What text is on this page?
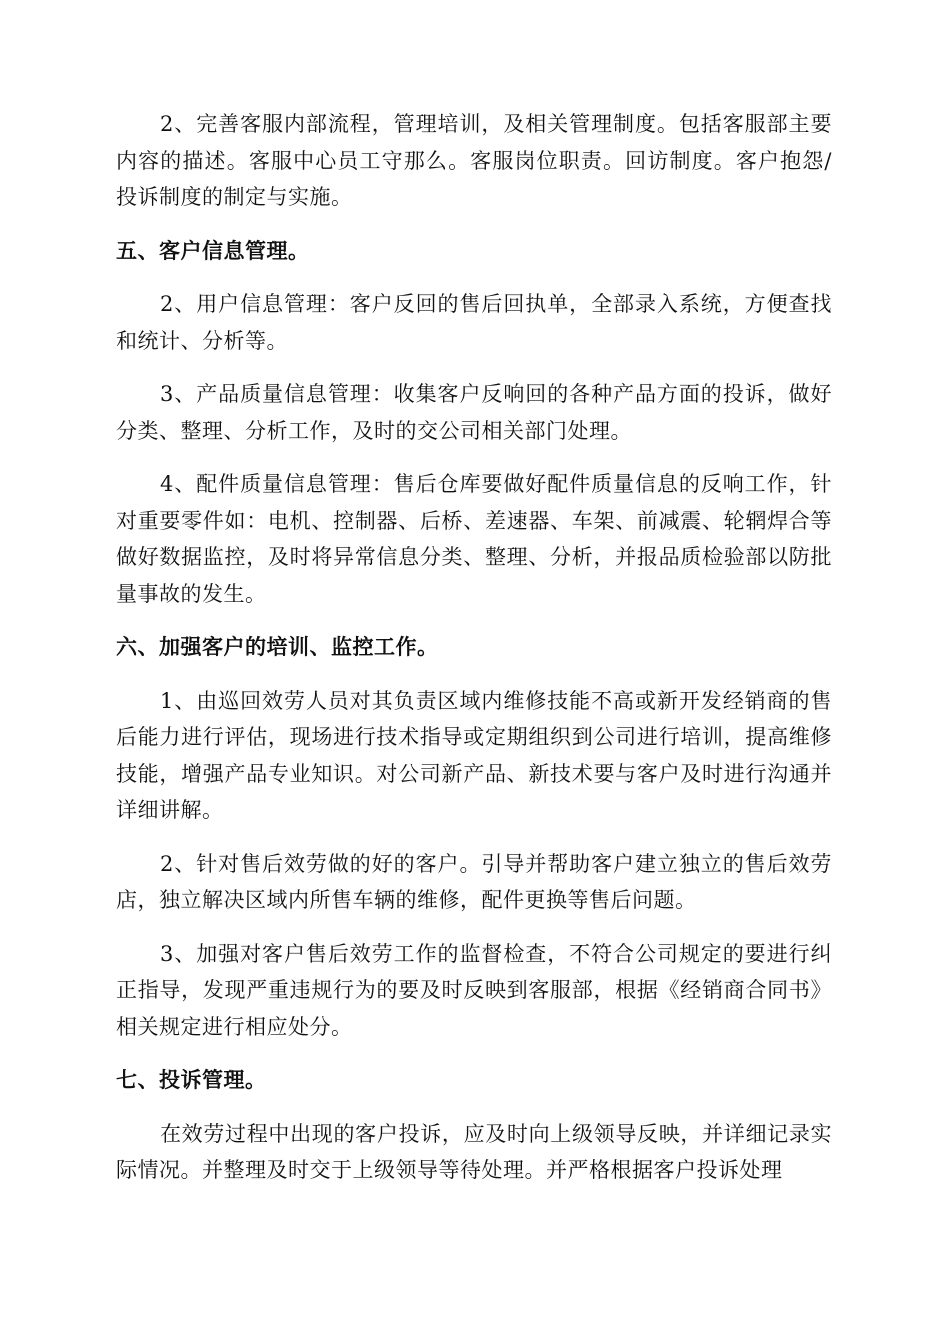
2、完善客服内部流程，管理培训，及相关管理制度。包括客服部主要内容的描述。客服中心员工守那么。客服岗位职责。回访制度。客户抱怨/投诉制度的制定与实施。

五、客户信息管理。

2、用户信息管理：客户反回的售后回执单，全部录入系统，方便查找和统计、分析等。

3、产品质量信息管理：收集客户反响回的各种产品方面的投诉，做好分类、整理、分析工作，及时的交公司相关部门处理。

4、配件质量信息管理：售后仓库要做好配件质量信息的反响工作，针对重要零件如：电机、控制器、后桥、差速器、车架、前减震、轮辋焊合等做好数据监控，及时将异常信息分类、整理、分析，并报品质检验部以防批量事故的发生。

六、加强客户的培训、监控工作。

1、由巡回效劳人员对其负责区域内维修技能不高或新开发经销商的售后能力进行评估，现场进行技术指导或定期组织到公司进行培训，提高维修技能，增强产品专业知识。对公司新产品、新技术要与客户及时进行沟通并详细讲解。

2、针对售后效劳做的好的客户。引导并帮助客户建立独立的售后效劳店，独立解决区域内所售车辆的维修，配件更换等售后问题。

3、加强对客户售后效劳工作的监督检查，不符合公司规定的要进行纠正指导，发现严重违规行为的要及时反映到客服部，根据《经销商合同书》相关规定进行相应处分。

七、投诉管理。

在效劳过程中出现的客户投诉，应及时向上级领导反映，并详细记录实际情况。并整理及时交于上级领导等待处理。并严格根据客户投诉处理
